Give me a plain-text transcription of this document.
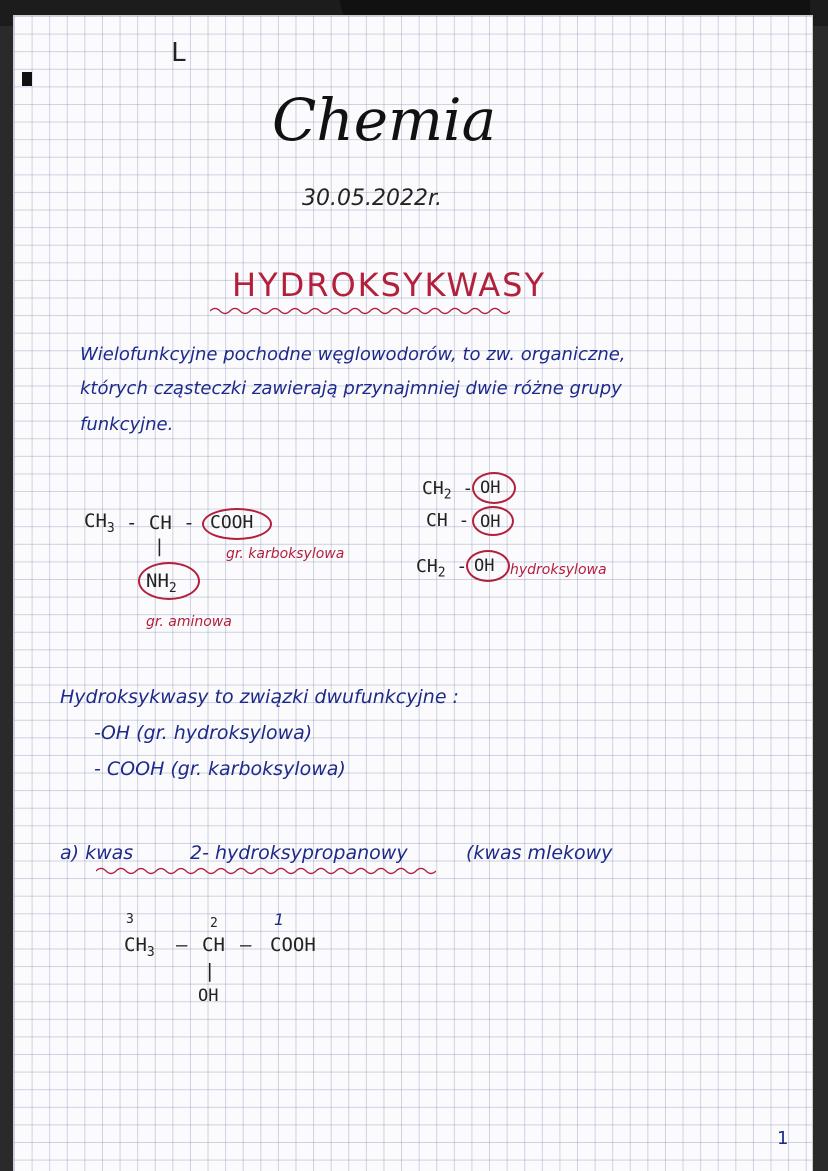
L
Chemia
30.05.2022r.
HYDROKSYKWASY
Wielofunkcyjne pochodne węglowodorów, to zw. organiczne,
których cząsteczki zawierają przynajmniej dwie różne grupy
funkcyjne.
$CH_3$ - CH - COOH
|
$NH_2$
gr. karboksylowa
gr. aminowa
$CH_2$ - OH
CH - OH
$CH_2$ - OH hydroksylowa
Hydroksykwasy to związki dwufunkcyjne :
-OH (gr. hydroksylowa)
- COOH (gr. karboksylowa)
a) kwas	2- hydroksypropanowy	(kwas mlekowy
3	2	1
$CH_3$ – CH — COOH
|
OH
1
